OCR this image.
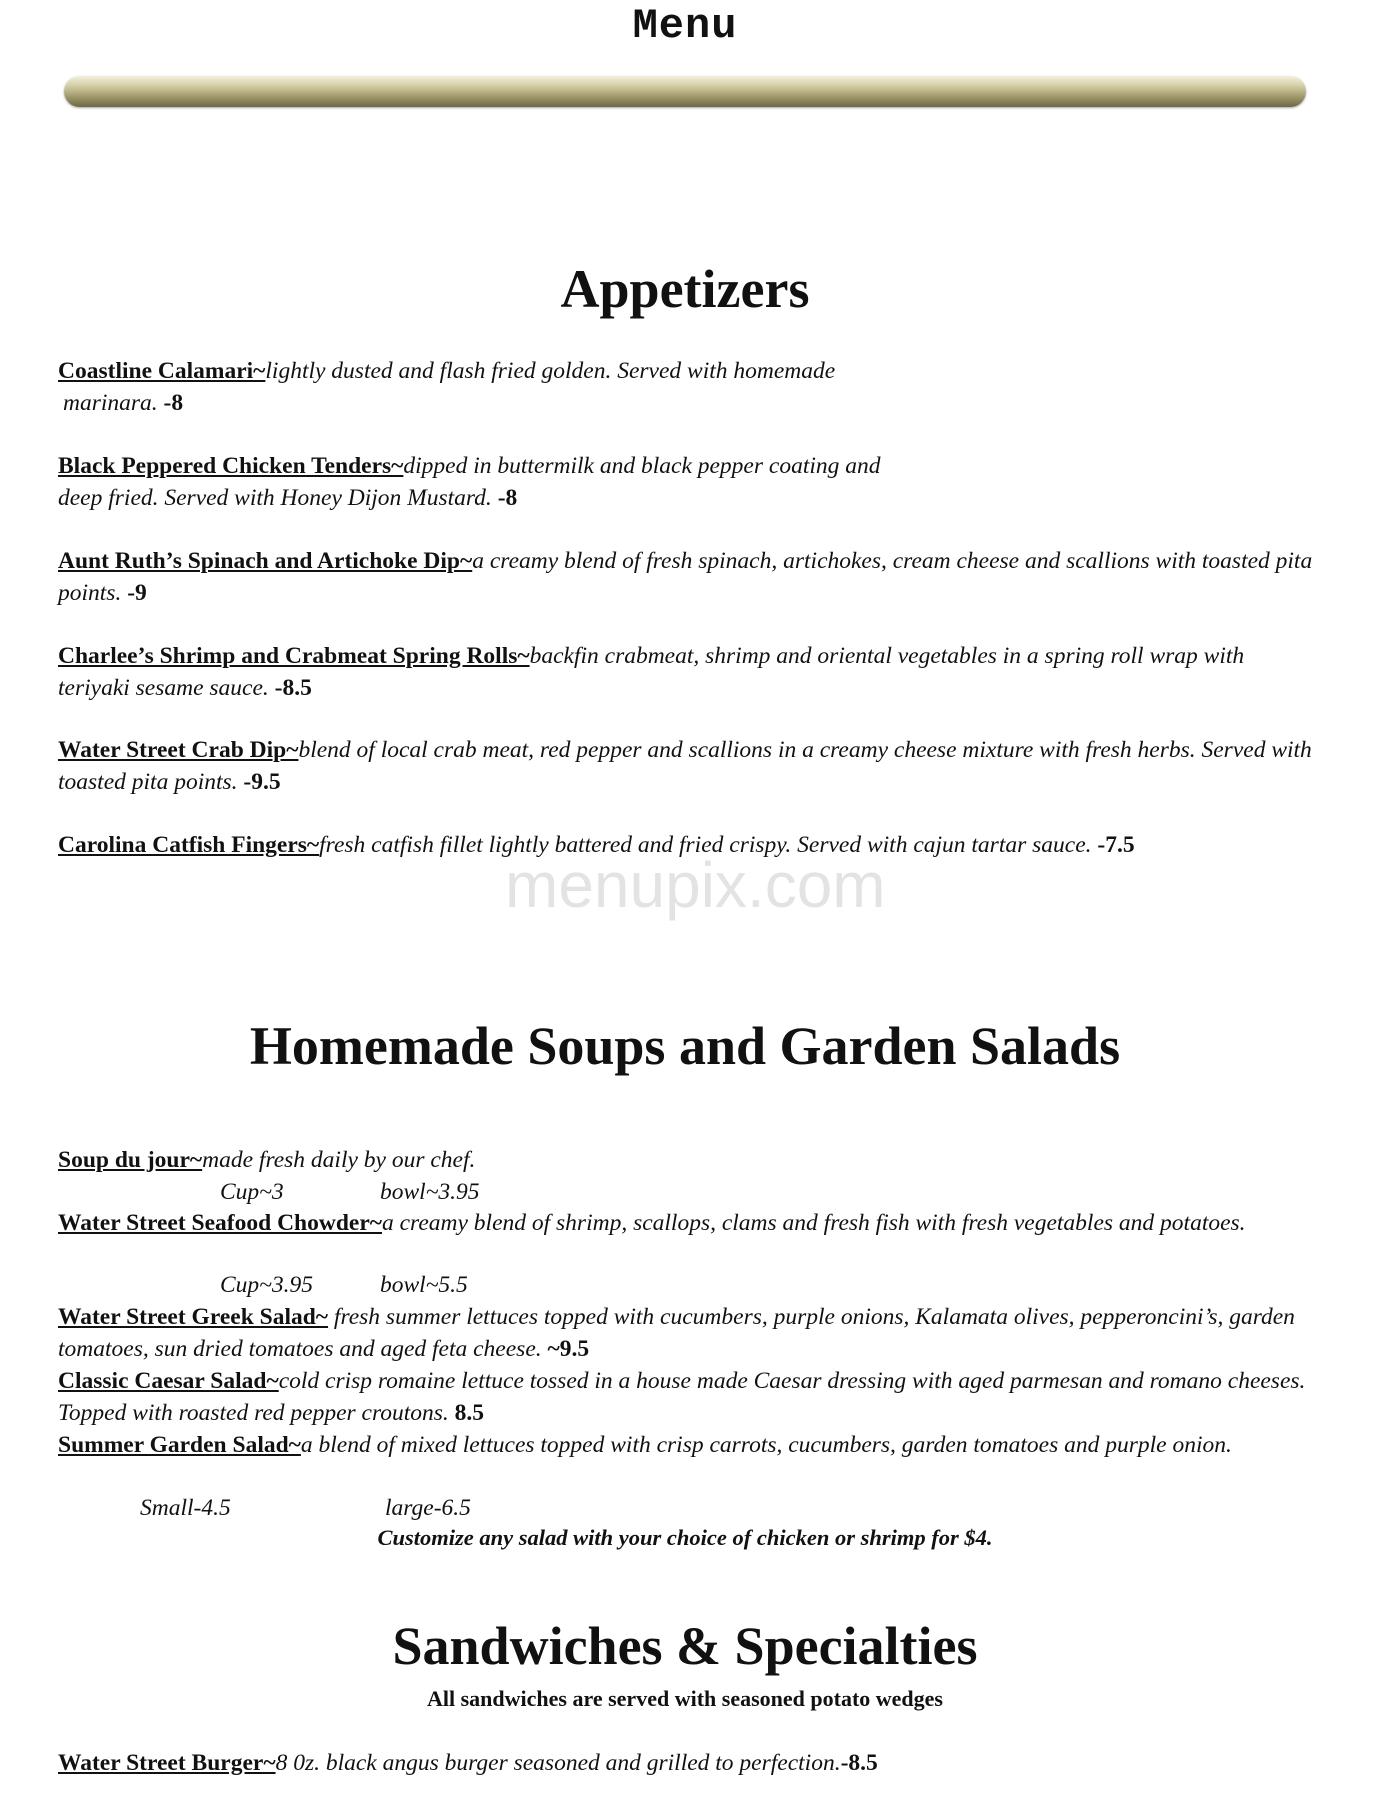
Menu
menupix.com
Appetizers
Coastline Calamari~lightly dusted and flash fried golden. Served with homemade
marinara. -8
Black Peppered Chicken Tenders~dipped in buttermilk and black pepper coating and
deep fried. Served with Honey Dijon Mustard. -8
Aunt Ruth’s Spinach and Artichoke Dip~a creamy blend of fresh spinach, artichokes, cream cheese and scallions with toasted pita points. -9
Charlee’s Shrimp and Crabmeat Spring Rolls~backfin crabmeat, shrimp and oriental vegetables in a spring roll wrap with teriyaki sesame sauce. -8.5
Water Street Crab Dip~blend of local crab meat, red pepper and scallions in a creamy cheese mixture with fresh herbs. Served with toasted pita points. -9.5
Carolina Catfish Fingers~fresh catfish fillet lightly battered and fried crispy. Served with cajun tartar sauce. -7.5
Homemade Soups and Garden Salads
Soup du jour~made fresh daily by our chef.
Cup~3	bowl~3.95
Water Street Seafood Chowder~a creamy blend of shrimp, scallops, clams and fresh fish with fresh vegetables and potatoes.
Cup~3.95	bowl~5.5
Water Street Greek Salad~ fresh summer lettuces topped with cucumbers, purple onions, Kalamata olives, pepperoncini’s, garden tomatoes, sun dried tomatoes and aged feta cheese. ~9.5
Classic Caesar Salad~cold crisp romaine lettuce tossed in a house made Caesar dressing with aged parmesan and romano cheeses. Topped with roasted red pepper croutons. 8.5
Summer Garden Salad~a blend of mixed lettuces topped with crisp carrots, cucumbers, garden tomatoes and purple onion.
Small-4.5	large-6.5
Customize any salad with your choice of chicken or shrimp for $4.
Sandwiches & Specialties
All sandwiches are served with seasoned potato wedges
Water Street Burger~8 0z. black angus burger seasoned and grilled to perfection.-8.5
